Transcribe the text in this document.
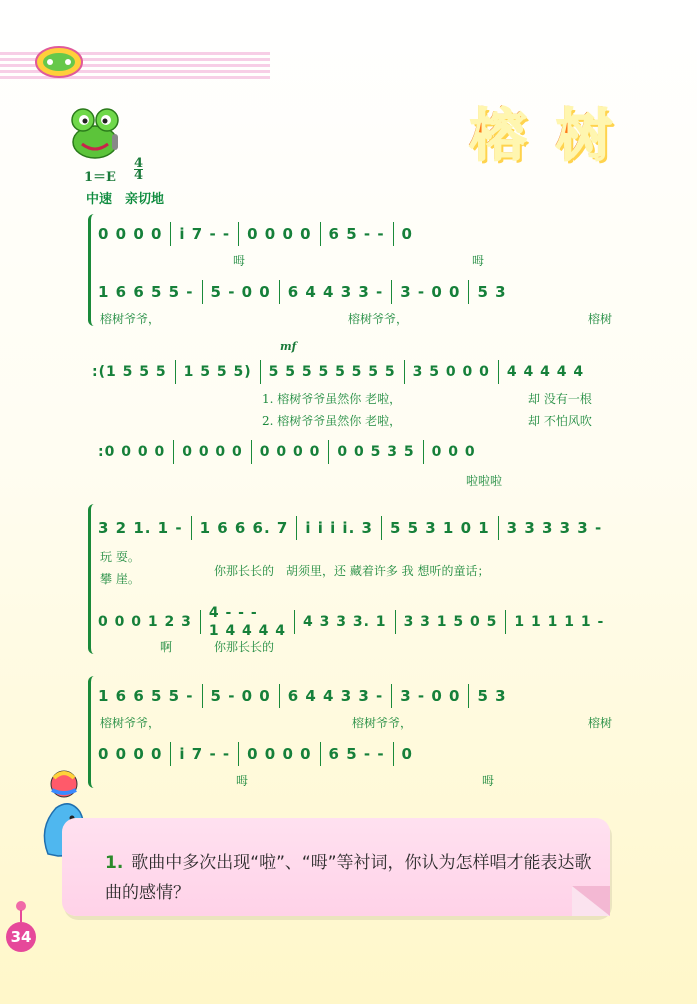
榕 树
1＝E
4
4
中速　亲切地
0 0 0 0 i 7 - - 0 0 0 0 6 5 - - 0
呣	呣
1 6 6 5 5 - 5 - 0 0 6 4 4 3 3 - 3 - 0 0 5 3
榕树爷爷，	榕树爷爷，	榕树
mf
: (1 5 5 5 1 5 5 5) 5 5 5 5 5 5 5 5 3 5 0 0 0 4 4 4 4 4
1. 榕树爷爷虽然你 老啦，	却 没有一根
2. 榕树爷爷虽然你 老啦，	却 不怕风吹
: 0 0 0 0 0 0 0 0 0 0 0 0 0 0 5 3 5 0 0 0
啦啦啦
3 2 1. 1 - 1 6 6 6. 7 i i i i. 3 5 5 3 1 0 1 3 3 3 3 3 -
玩 耍。
攀 崖。
你那长长的　胡须里，还 藏着许多 我 想听的童话；
0 0 0 1 2 3
4 - - -
1 4 4 4 4
4 3 3 3. 1 3 3 1 5 0 5 1 1 1 1 1 -
啊	你那长长的
1 6 6 5 5 - 5 - 0 0 6 4 4 3 3 - 3 - 0 0 5 3
榕树爷爷，	榕树爷爷，	榕树
0 0 0 0 i 7 - - 0 0 0 0 6 5 - - 0
呣	呣
1. 歌曲中多次出现“啦”、“呣”等衬词，你认为怎样唱才能表达歌曲的感情？
34
